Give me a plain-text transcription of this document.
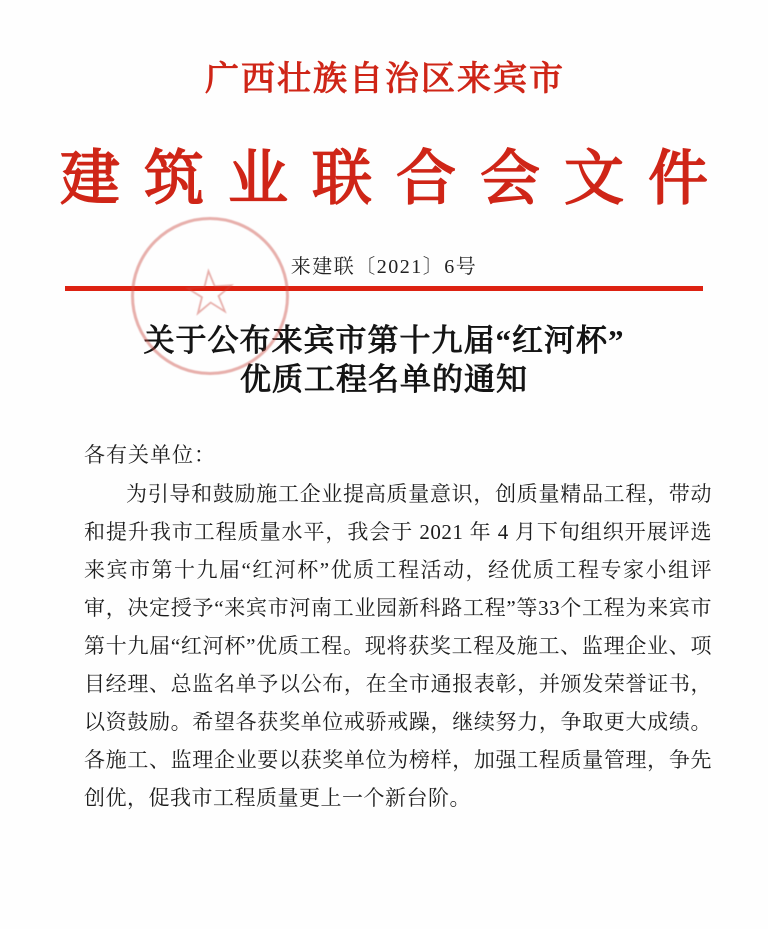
广西壮族自治区来宾市
建筑业联合会文件
☆	来建联〔2021〕6号
关于公布来宾市第十九届“红河杯”
优质工程名单的通知
各有关单位：

为引导和鼓励施工企业提高质量意识，创质量精品工程，带动和提升我市工程质量水平，我会于 2021 年 4 月下旬组织开展评选来宾市第十九届“红河杯”优质工程活动，经优质工程专家小组评审，决定授予“来宾市河南工业园新科路工程”等33个工程为来宾市第十九届“红河杯”优质工程。现将获奖工程及施工、监理企业、项目经理、总监名单予以公布，在全市通报表彰，并颁发荣誉证书，以资鼓励。希望各获奖单位戒骄戒躁，继续努力，争取更大成绩。各施工、监理企业要以获奖单位为榜样，加强工程质量管理，争先创优，促我市工程质量更上一个新台阶。
